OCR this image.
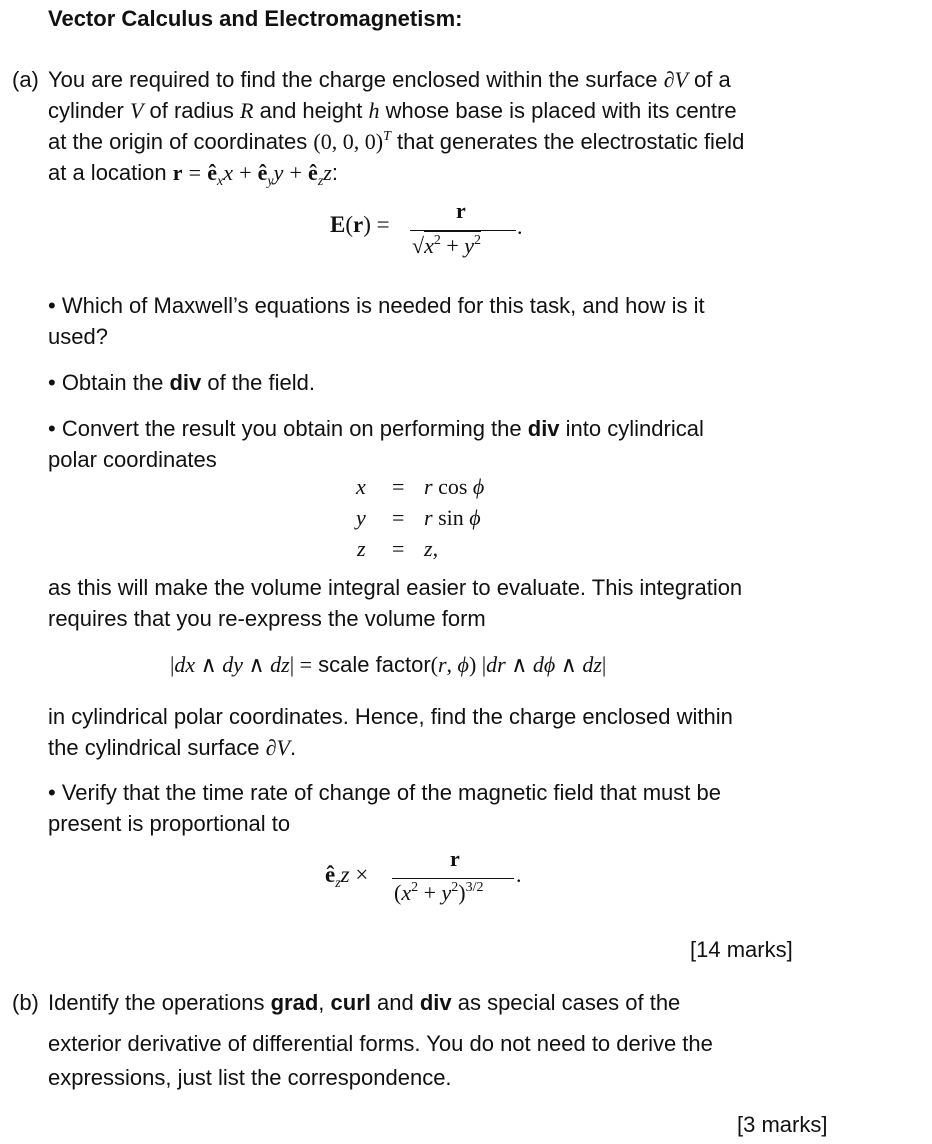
Vector Calculus and Electromagnetism:
(a) You are required to find the charge enclosed within the surface ∂V of a
cylinder V of radius R and height h whose base is placed with its centre
at the origin of coordinates (0, 0, 0)$^T$ that generates the electrostatic field
at a location $r = ê_xx$ + $ê_yy$ + $ê_zz$:
E(r) =
r
$√x^2 + y^2$
.
• Which of Maxwell’s equations is needed for this task, and how is it
used?
• Obtain the div of the field.
• Convert the result you obtain on performing the div into cylindrical
polar coordinates
x = r cos ϕ
y = r sin ϕ
z = z,
as this will make the volume integral easier to evaluate. This integration
requires that you re-express the volume form
|dx ∧ dy ∧ dz| = scale factor(r, ϕ) |dr ∧ dϕ ∧ dz|
in cylindrical polar coordinates. Hence, find the charge enclosed within
the cylindrical surface ∂V.
• Verify that the time rate of change of the magnetic field that must be
present is proportional to
$ê_zz$ ×
r
$(x^2 + y^2)^{3/2}$
.
[14 marks]
(b) Identify the operations grad, curl and div as special cases of the
exterior derivative of differential forms. You do not need to derive the
expressions, just list the correspondence.
[3 marks]
